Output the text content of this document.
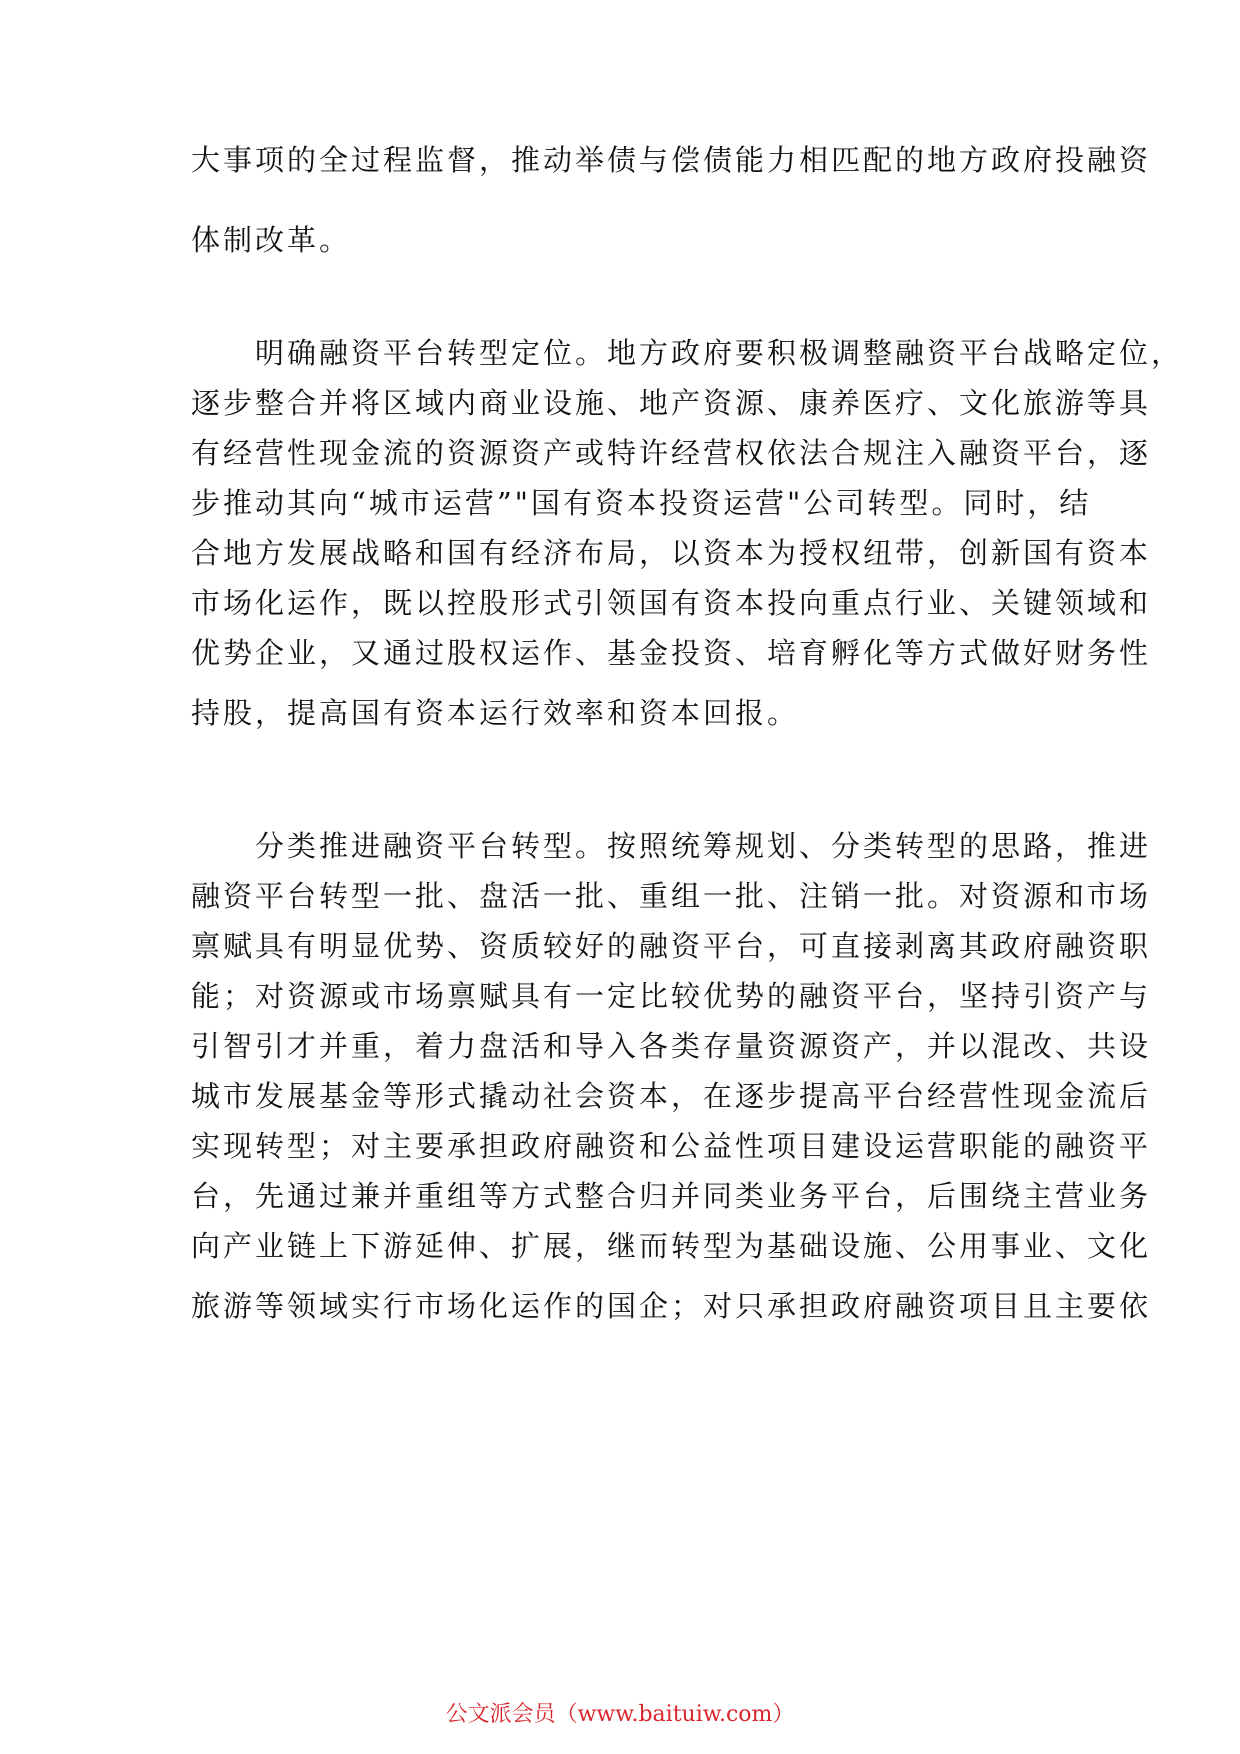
大事项的全过程监督，推动举债与偿债能力相匹配的地方政府投融资
体制改革。
　　明确融资平台转型定位。地方政府要积极调整融资平台战略定位，
逐步整合并将区域内商业设施、地产资源、康养医疗、文化旅游等具
有经营性现金流的资源资产或特许经营权依法合规注入融资平台，逐
步推动其向“城市运营”"国有资本投资运营"公司转型。同时，结
合地方发展战略和国有经济布局，以资本为授权纽带，创新国有资本
市场化运作，既以控股形式引领国有资本投向重点行业、关键领域和
优势企业，又通过股权运作、基金投资、培育孵化等方式做好财务性
持股，提高国有资本运行效率和资本回报。
　　分类推进融资平台转型。按照统筹规划、分类转型的思路，推进
融资平台转型一批、盘活一批、重组一批、注销一批。对资源和市场
禀赋具有明显优势、资质较好的融资平台，可直接剥离其政府融资职
能；对资源或市场禀赋具有一定比较优势的融资平台，坚持引资产与
引智引才并重，着力盘活和导入各类存量资源资产，并以混改、共设
城市发展基金等形式撬动社会资本，在逐步提高平台经营性现金流后
实现转型；对主要承担政府融资和公益性项目建设运营职能的融资平
台，先通过兼并重组等方式整合归并同类业务平台，后围绕主营业务
向产业链上下游延伸、扩展，继而转型为基础设施、公用事业、文化
旅游等领域实行市场化运作的国企；对只承担政府融资项目且主要依
公文派会员（www.baituiw.com）
